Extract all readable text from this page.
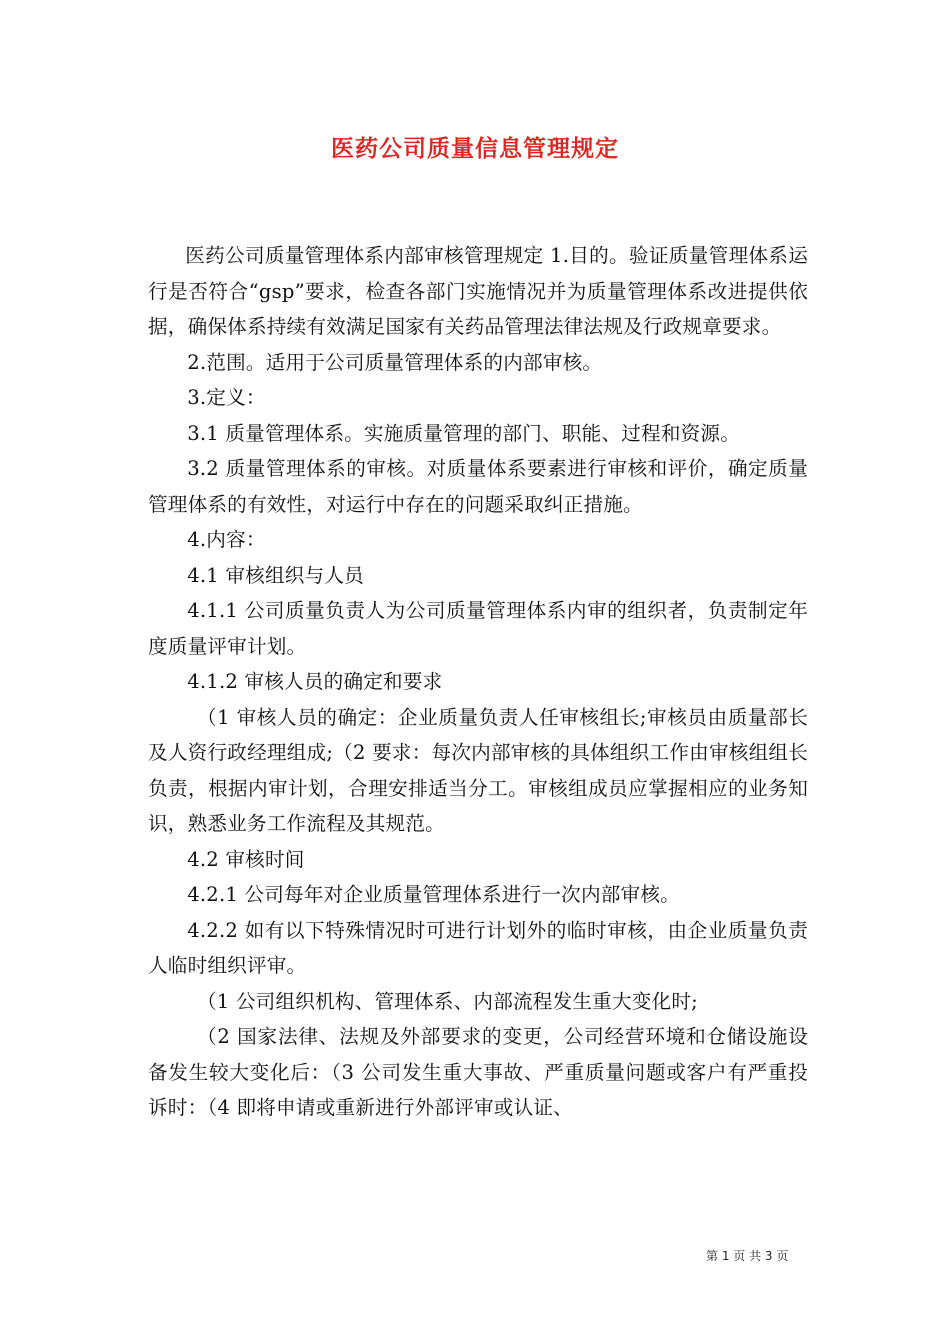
医药公司质量信息管理规定

医药公司质量管理体系内部审核管理规定 1.目的。验证质量管理体系运行是否符合“gsp”要求，检查各部门实施情况并为质量管理体系改进提供依据，确保体系持续有效满足国家有关药品管理法律法规及行政规章要求。

2.范围。适用于公司质量管理体系的内部审核。

3.定义：

3.1 质量管理体系。实施质量管理的部门、职能、过程和资源。

3.2 质量管理体系的审核。对质量体系要素进行审核和评价，确定质量管理体系的有效性，对运行中存在的问题采取纠正措施。

4.内容：

4.1 审核组织与人员

4.1.1 公司质量负责人为公司质量管理体系内审的组织者，负责制定年度质量评审计划。

4.1.2 审核人员的确定和要求

（1 审核人员的确定：企业质量负责人任审核组长;审核员由质量部长及人资行政经理组成;（2 要求：每次内部审核的具体组织工作由审核组组长负责，根据内审计划，合理安排适当分工。审核组成员应掌握相应的业务知识，熟悉业务工作流程及其规范。

4.2 审核时间

4.2.1 公司每年对企业质量管理体系进行一次内部审核。

4.2.2 如有以下特殊情况时可进行计划外的临时审核，由企业质量负责人临时组织评审。

（1 公司组织机构、管理体系、内部流程发生重大变化时;

（2 国家法律、法规及外部要求的变更，公司经营环境和仓储设施设备发生较大变化后：（3 公司发生重大事故、严重质量问题或客户有严重投诉时：（4 即将申请或重新进行外部评审或认证、

第 1 页 共 3 页
